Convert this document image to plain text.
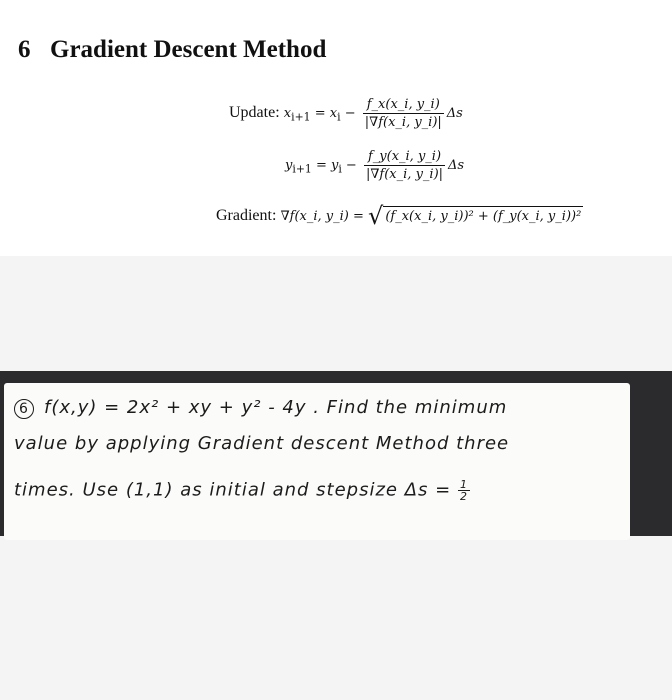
6 Gradient Descent Method
Update: $x_{i+1} = x_i - \frac{f\_x(x\_i, y\_i)}{|\nabla f(x\_i, y\_i)|}$ Δs
$y_{i+1} = y_i - \frac{f\_y(x\_i, y\_i)}{|\nabla f(x\_i, y\_i)|}$ Δs
Gradient: ∇f(x_i, y_i) = √ (f_x(x_i, y_i))² + (f_y(x_i, y_i))²
6 f(x,y) = 2x² + xy + y² - 4y . Find the minimum
value by applying Gradient descent Method three
times. Use (1,1) as initial and stepsize $\Delta s = \frac{1}{2}$
